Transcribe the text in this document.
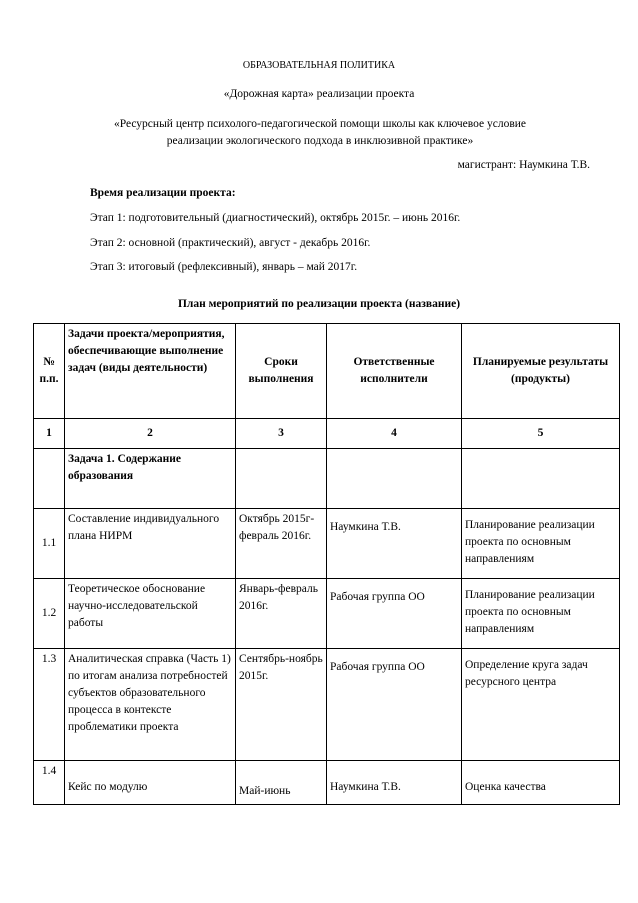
ОБРАЗОВАТЕЛЬНАЯ ПОЛИТИКА
«Дорожная карта» реализации проекта
«Ресурсный центр психолого-педагогической помощи школы как ключевое условие
реализации экологического подхода в инклюзивной практике»
магистрант: Наумкина Т.В.
Время реализации проекта:
Этап 1: подготовительный (диагностический), октябрь 2015г. – июнь 2016г.
Этап 2: основной (практический), август - декабрь 2016г.
Этап 3: итоговый (рефлексивный), январь – май 2017г.
План мероприятий по реализации проекта (название)
№ п.п.	Задачи проекта/мероприятия, обеспечивающие выполнение задач (виды деятельности)	Сроки выполнения	Ответственные исполнители	Планируемые результаты (продукты)
1	2	3	4	5
	Задача 1. Содержание образования			
1.1	Составление индивидуального плана НИРМ	Октябрь 2015г-февраль 2016г.	Наумкина Т.В.	Планирование реализации проекта по основным направлениям
1.2	Теоретическое обоснование научно-исследовательской работы	Январь-февраль 2016г.	Рабочая группа ОО	Планирование реализации проекта по основным направлениям
1.3	Аналитическая справка (Часть 1) по итогам анализа потребностей субъектов образовательного процесса в контексте проблематики проекта	Сентябрь-ноябрь 2015г.	Рабочая группа ОО	Определение круга задач ресурсного центра
1.4	Кейс по модулю	Май-июнь	Наумкина Т.В.	Оценка качества
